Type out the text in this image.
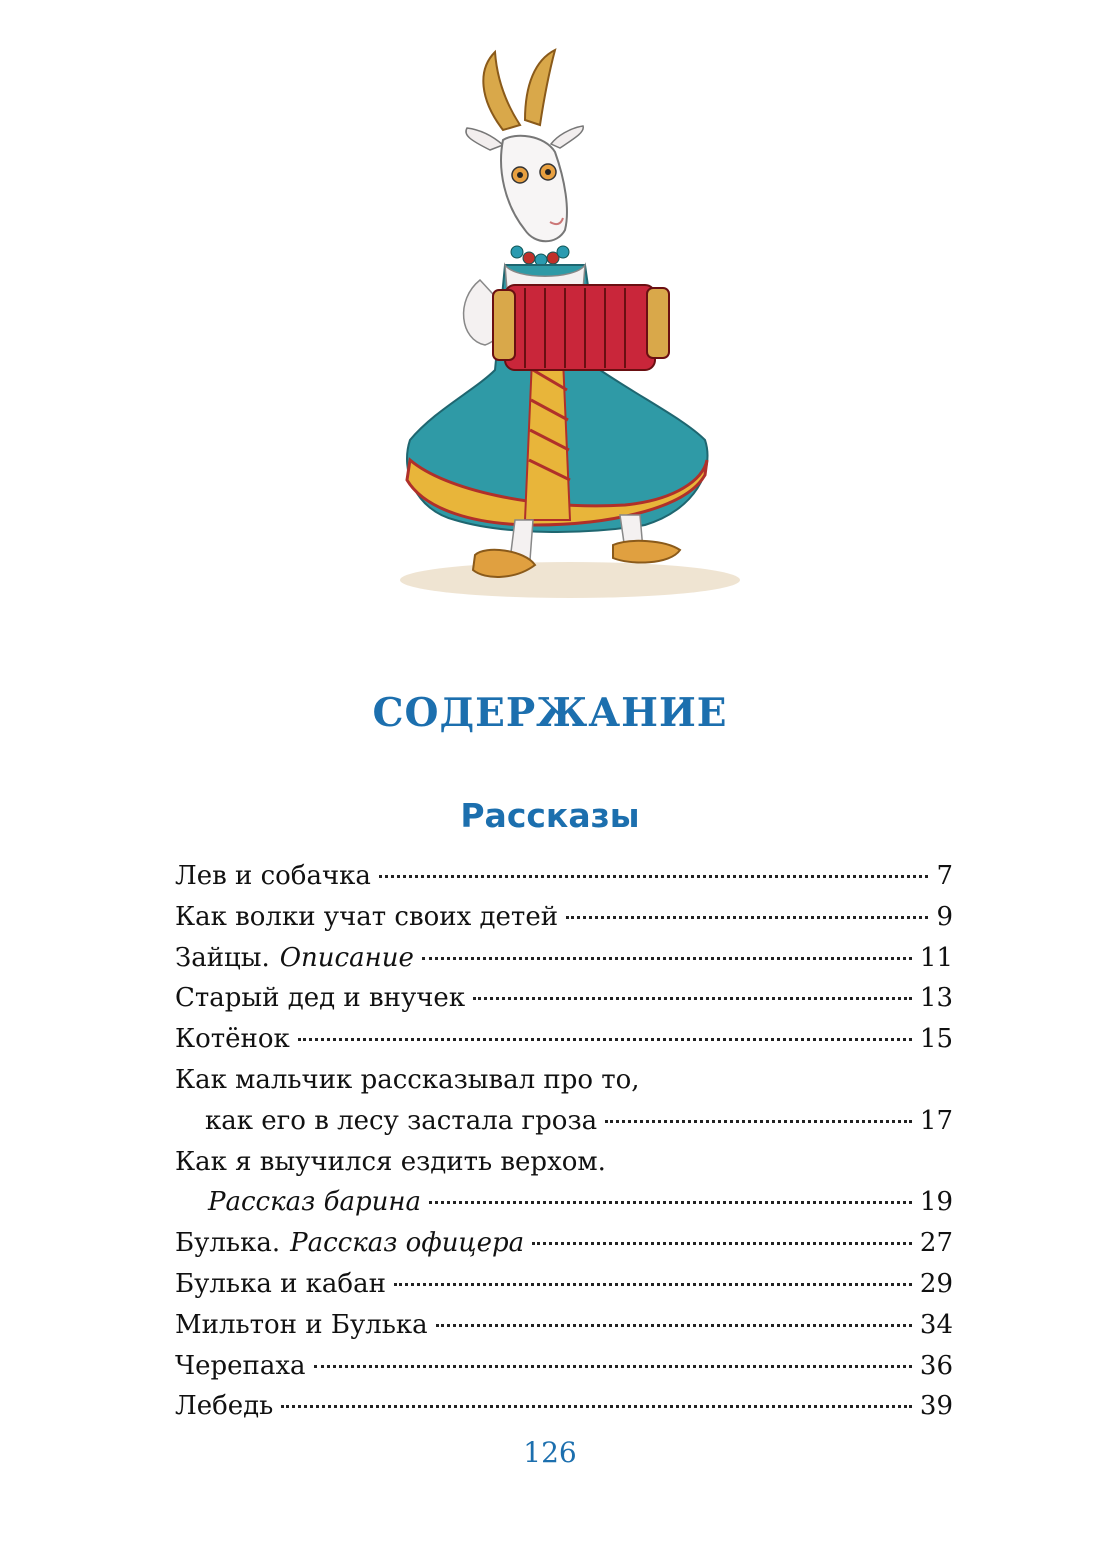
СОДЕРЖАНИЕ
Рассказы
Лев и собачка	7
Как волки учат своих детей	9
Зайцы. Описание	11
Старый дед и внучек	13
Котёнок	15
Как мальчик рассказывал про то,
как его в лесу застала гроза	17
Как я выучился ездить верхом.
Рассказ барина	19
Булька. Рассказ офицера	27
Булька и кабан	29
Мильтон и Булька	34
Черепаха	36
Лебедь	39
126
